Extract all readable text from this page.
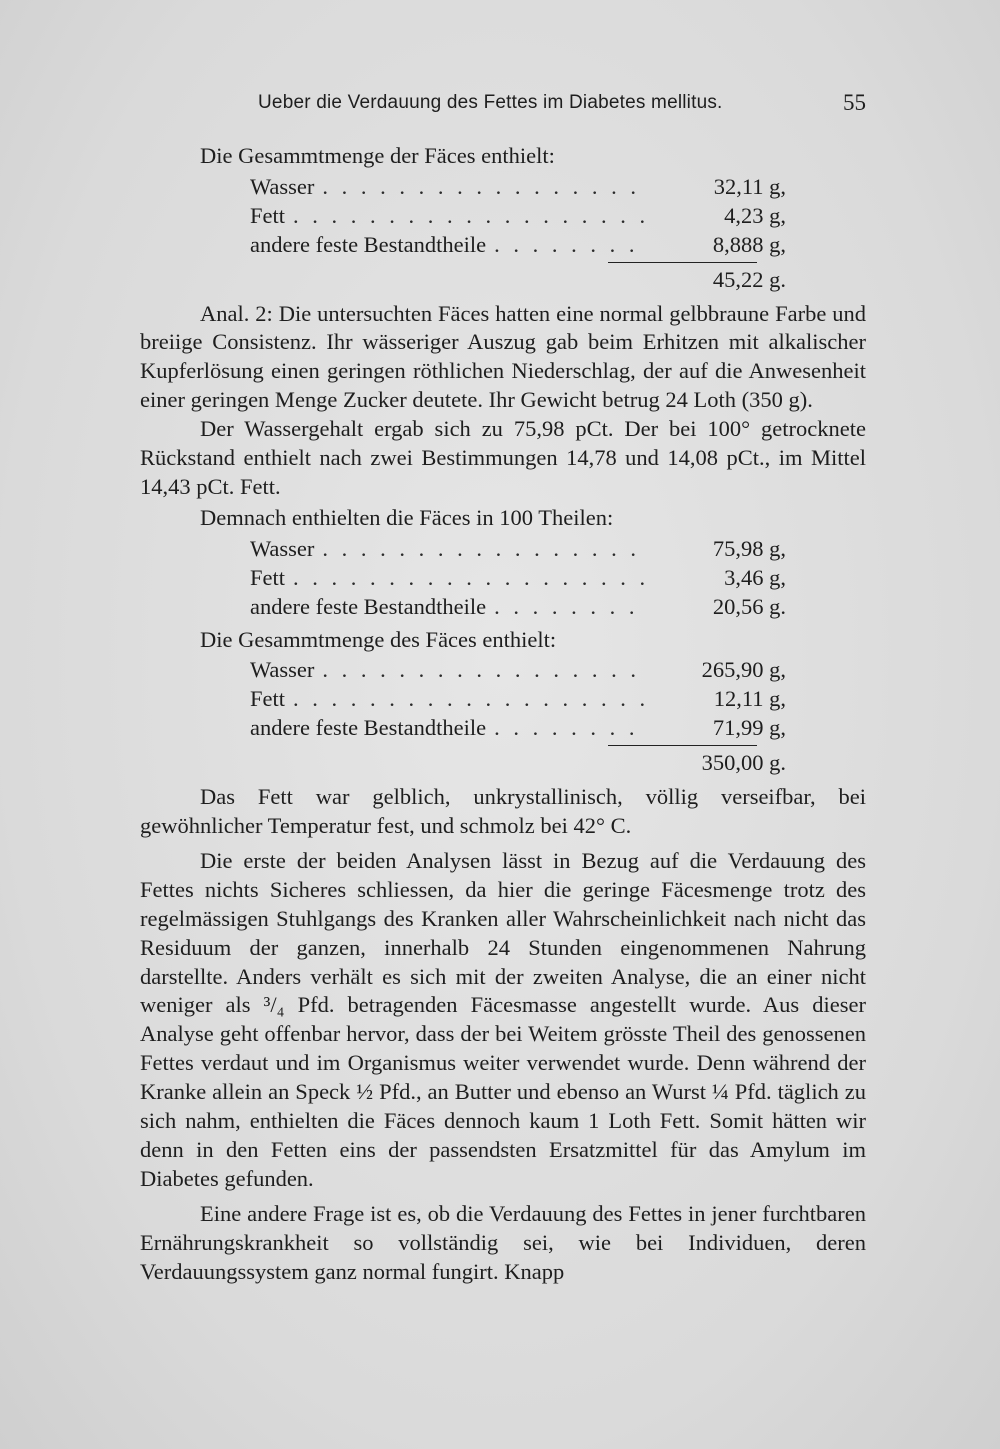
Ueber die Verdauung des Fettes im Diabetes mellitus.	55
Die Gesammtmenge der Fäces enthielt:
Wasser . . .	32,11 g,
Fett . . .	4,23 g,
andere feste Bestandtheile . . .	8,888 g,
45,22 g.

Anal. 2: Die untersuchten Fäces hatten eine normal gelbbraune Farbe und breiige Consistenz. Ihr wässeriger Auszug gab beim Erhitzen mit alkalischer Kupferlösung einen geringen röthlichen Niederschlag, der auf die Anwesenheit einer geringen Menge Zucker deutete. Ihr Gewicht betrug 24 Loth (350 g).

Der Wassergehalt ergab sich zu 75,98 pCt. Der bei 100° getrocknete Rückstand enthielt nach zwei Bestimmungen 14,78 und 14,08 pCt., im Mittel 14,43 pCt. Fett.

Demnach enthielten die Fäces in 100 Theilen:
Wasser . . .	75,98 g,
Fett . . .	3,46 g,
andere feste Bestandtheile . . .	20,56 g.
Die Gesammtmenge des Fäces enthielt:
Wasser . . .	265,90 g,
Fett . . .	12,11 g,
andere feste Bestandtheile . . .	71,99 g,
350,00 g.

Das Fett war gelblich, unkrystallinisch, völlig verseifbar, bei gewöhnlicher Temperatur fest, und schmolz bei 42° C.

Die erste der beiden Analysen lässt in Bezug auf die Verdauung des Fettes nichts Sicheres schliessen, da hier die geringe Fäcesmenge trotz des regelmässigen Stuhlgangs des Kranken aller Wahrscheinlichkeit nach nicht das Residuum der ganzen, innerhalb 24 Stunden eingenommenen Nahrung darstellte. Anders verhält es sich mit der zweiten Analyse, die an einer nicht weniger als ³/₄ Pfd. betragenden Fäcesmasse angestellt wurde. Aus dieser Analyse geht offenbar hervor, dass der bei Weitem grösste Theil des genossenen Fettes verdaut und im Organismus weiter verwendet wurde. Denn während der Kranke allein an Speck ½ Pfd., an Butter und ebenso an Wurst ¼ Pfd. täglich zu sich nahm, enthielten die Fäces dennoch kaum 1 Loth Fett. Somit hätten wir denn in den Fetten eins der passendsten Ersatzmittel für das Amylum im Diabetes gefunden.

Eine andere Frage ist es, ob die Verdauung des Fettes in jener furchtbaren Ernährungskrankheit so vollständig sei, wie bei Individuen, deren Verdauungssystem ganz normal fungirt. Knapp
